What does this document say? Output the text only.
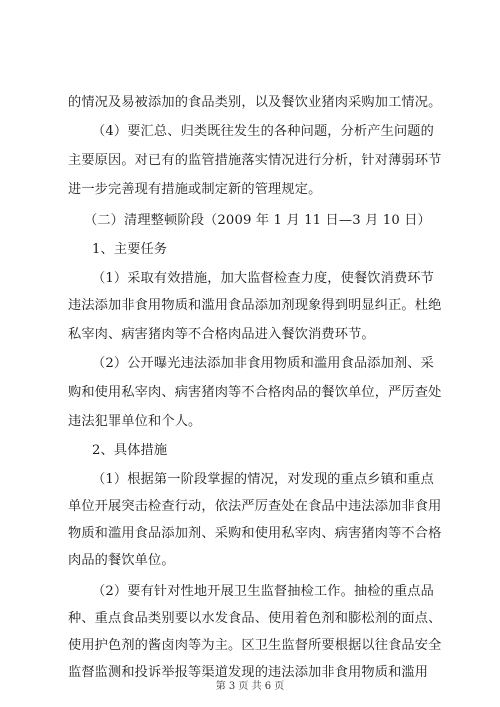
的情况及易被添加的食品类别，以及餐饮业猪肉采购加工情况。
（4）要汇总、归类既往发生的各种问题，分析产生问题的
主要原因。对已有的监管措施落实情况进行分析，针对薄弱环节
进一步完善现有措施或制定新的管理规定。
（二）清理整顿阶段（2009 年 1 月 11 日—3 月 10 日）
1、主要任务
（1）采取有效措施，加大监督检查力度，使餐饮消费环节
违法添加非食用物质和滥用食品添加剂现象得到明显纠正。杜绝
私宰肉、病害猪肉等不合格肉品进入餐饮消费环节。
（2）公开曝光违法添加非食用物质和滥用食品添加剂、采
购和使用私宰肉、病害猪肉等不合格肉品的餐饮单位，严厉查处
违法犯罪单位和个人。
2、具体措施
（1）根据第一阶段掌握的情况，对发现的重点乡镇和重点
单位开展突击检查行动，依法严厉查处在食品中违法添加非食用
物质和滥用食品添加剂、采购和使用私宰肉、病害猪肉等不合格
肉品的餐饮单位。
（2）要有针对性地开展卫生监督抽检工作。抽检的重点品
种、重点食品类别要以水发食品、使用着色剂和膨松剂的面点、
使用护色剂的酱卤肉等为主。区卫生监督所要根据以往食品安全
监督监测和投诉举报等渠道发现的违法添加非食用物质和滥用
第 3 页 共 6 页
